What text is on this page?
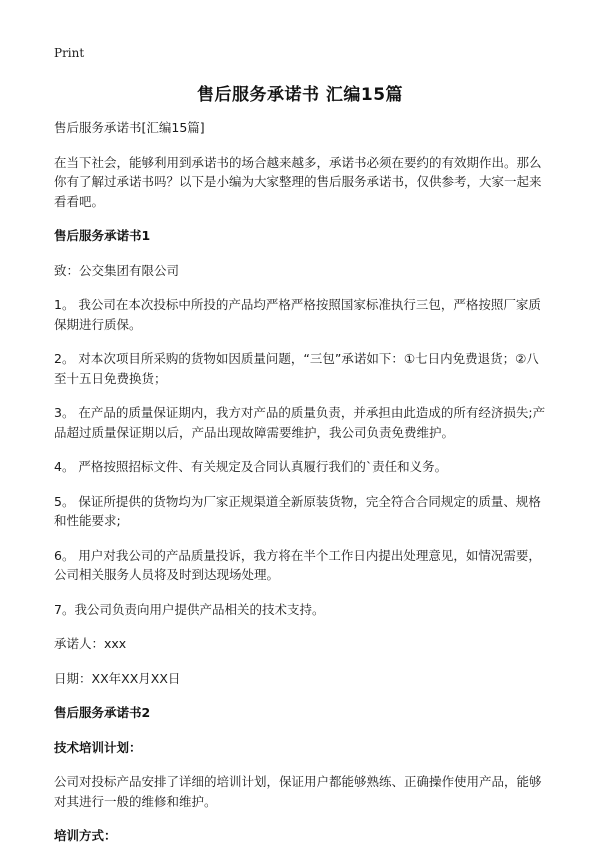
Print
售后服务承诺书 汇编15篇

售后服务承诺书[汇编15篇]

在当下社会，能够利用到承诺书的场合越来越多，承诺书必须在要约的有效期作出。那么你有了解过承诺书吗？以下是小编为大家整理的售后服务承诺书，仅供参考，大家一起来看看吧。

售后服务承诺书1

致：公交集团有限公司

1。 我公司在本次投标中所投的产品均严格严格按照国家标准执行三包，严格按照厂家质保期进行质保。

2。 对本次项目所采购的货物如因质量问题，“三包”承诺如下：①七日内免费退货；②八至十五日免费换货；

3。 在产品的质量保证期内，我方对产品的质量负责，并承担由此造成的所有经济损失;产品超过质量保证期以后，产品出现故障需要维护，我公司负责免费维护。

4。 严格按照招标文件、有关规定及合同认真履行我们的`责任和义务。

5。 保证所提供的货物均为厂家正规渠道全新原装货物，完全符合合同规定的质量、规格和性能要求;

6。 用户对我公司的产品质量投诉，我方将在半个工作日内提出处理意见，如情况需要，公司相关服务人员将及时到达现场处理。

7。我公司负责向用户提供产品相关的技术支持。

承诺人：xxx

日期：XX年XX月XX日

售后服务承诺书2

技术培训计划：

公司对投标产品安排了详细的培训计划，保证用户都能够熟练、正确操作使用产品，能够对其进行一般的维修和维护。

培训方式：
